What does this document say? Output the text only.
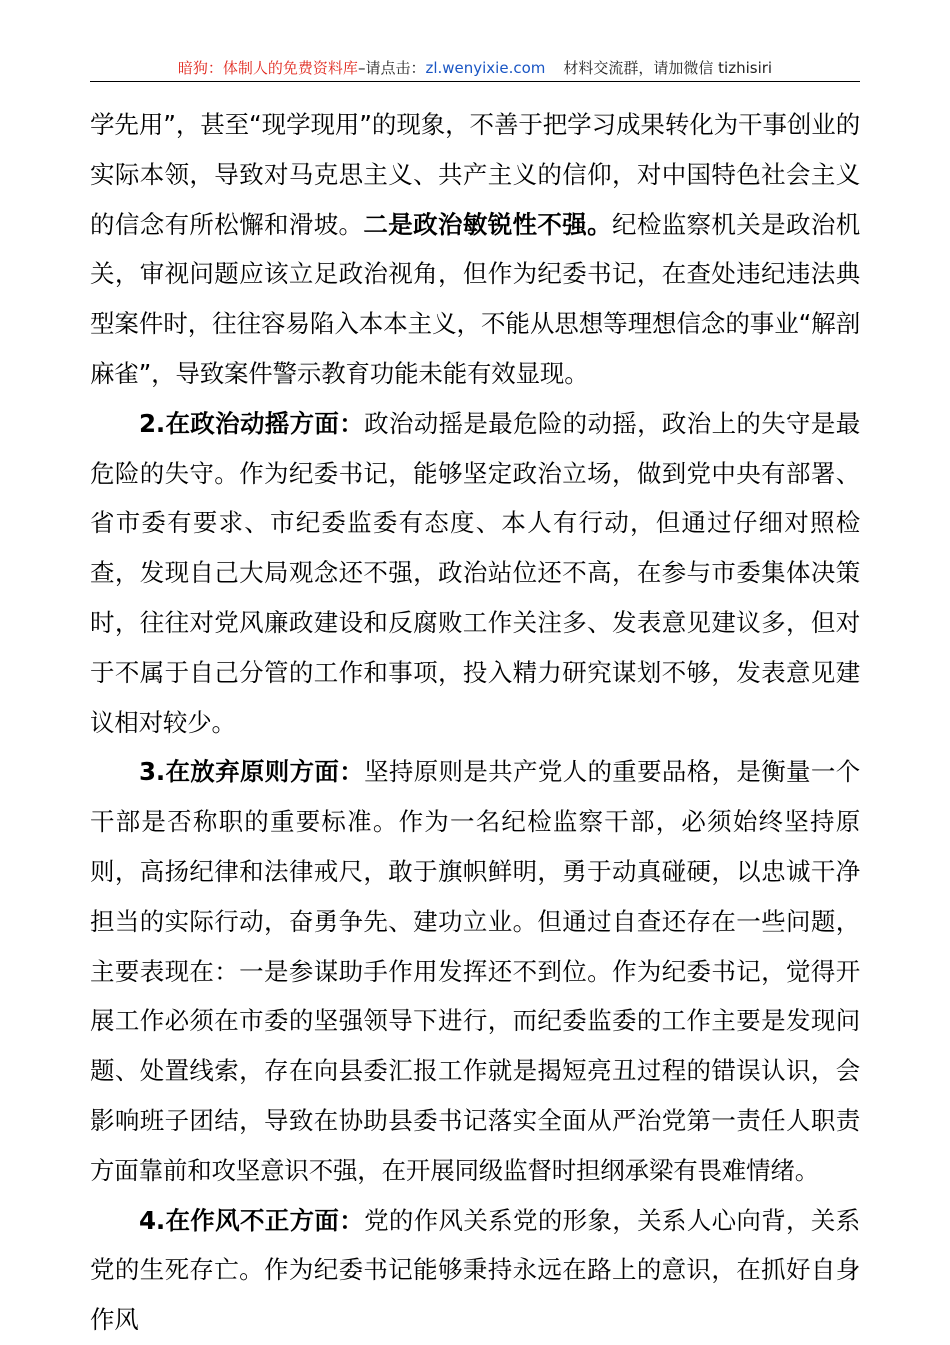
暗狗：体制人的免费资料库–请点击：zl.wenyixie.com 材料交流群，请加微信 tizhisiri

学先用”，甚至“现学现用”的现象，不善于把学习成果转化为干事创业的实际本领，导致对马克思主义、共产主义的信仰，对中国特色社会主义的信念有所松懈和滑坡。二是政治敏锐性不强。纪检监察机关是政治机关，审视问题应该立足政治视角，但作为纪委书记，在查处违纪违法典型案件时，往往容易陷入本本主义，不能从思想等理想信念的事业“解剖麻雀”，导致案件警示教育功能未能有效显现。

2.在政治动摇方面：政治动摇是最危险的动摇，政治上的失守是最危险的失守。作为纪委书记，能够坚定政治立场，做到党中央有部署、省市委有要求、市纪委监委有态度、本人有行动，但通过仔细对照检查，发现自己大局观念还不强，政治站位还不高，在参与市委集体决策时，往往对党风廉政建设和反腐败工作关注多、发表意见建议多，但对于不属于自己分管的工作和事项，投入精力研究谋划不够，发表意见建议相对较少。

3.在放弃原则方面：坚持原则是共产党人的重要品格，是衡量一个干部是否称职的重要标准。作为一名纪检监察干部，必须始终坚持原则，高扬纪律和法律戒尺，敢于旗帜鲜明，勇于动真碰硬，以忠诚干净担当的实际行动，奋勇争先、建功立业。但通过自查还存在一些问题，主要表现在：一是参谋助手作用发挥还不到位。作为纪委书记，觉得开展工作必须在市委的坚强领导下进行，而纪委监委的工作主要是发现问题、处置线索，存在向县委汇报工作就是揭短亮丑过程的错误认识，会影响班子团结，导致在协助县委书记落实全面从严治党第一责任人职责方面靠前和攻坚意识不强，在开展同级监督时担纲承梁有畏难情绪。

4.在作风不正方面：党的作风关系党的形象，关系人心向背，关系党的生死存亡。作为纪委书记能够秉持永远在路上的意识，在抓好自身作风
